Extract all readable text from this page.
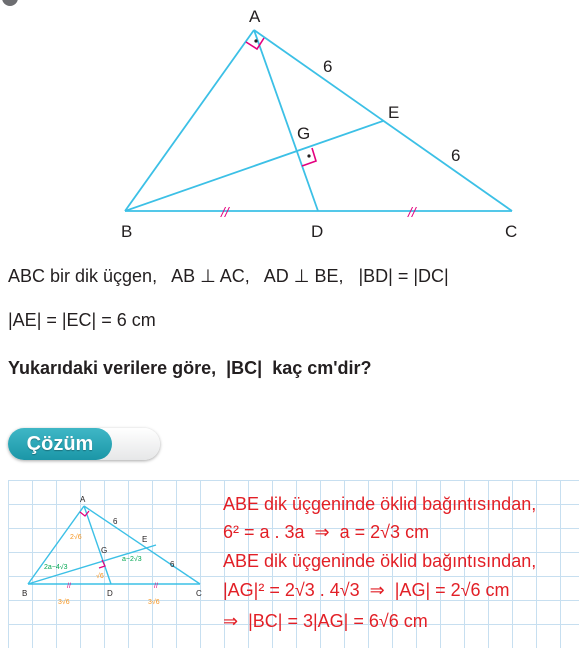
//	//
A
B	C
D
E
G
6
6
ABC bir dik üçgen,   AB ⊥ AC,   AD ⊥ BE,   |BD| = |DC|
|AE| = |EC| = 6 cm
Yukarıdaki verilere göre,  |BC|  kaç cm'dir?
Çözüm
A
B	C
D
E
G
6
6
2√6
√6
2a−4√3
a−2√3
3√6	3√6
//	//
ABE dik üçgeninde öklid bağıntısından,
6² = a . 3a  ⇒  a = 2√3 cm
ABE dik üçgeninde öklid bağıntısından,
|AG|² = 2√3 . 4√3  ⇒  |AG| = 2√6 cm
⇒  |BC| = 3|AG| = 6√6 cm
